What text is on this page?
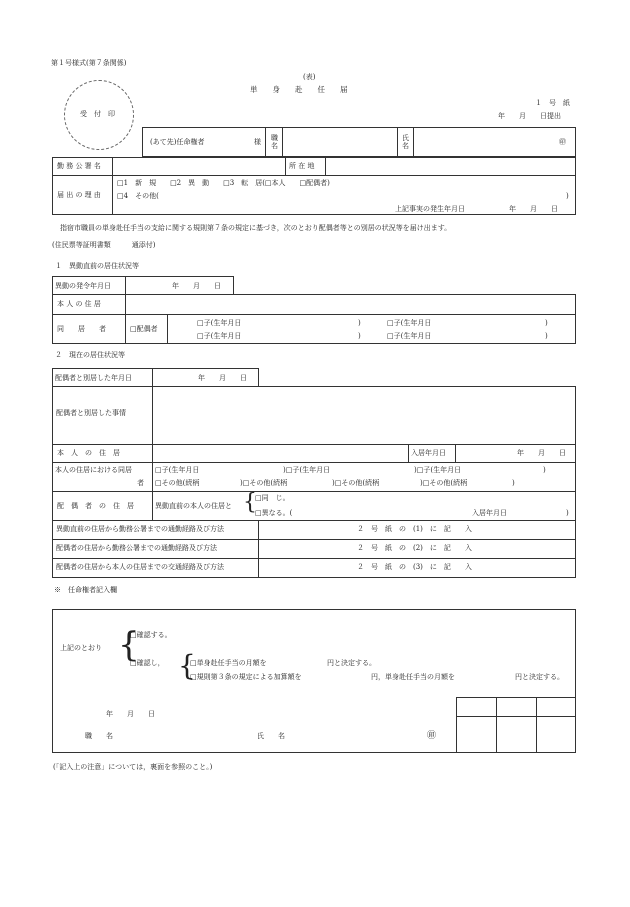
第１号様式(第７条関係)
(表)
単　　身　　赴　　任　　届
受　付　印
１　号　紙
年　　月　　日提出
(あて先)任命権者	様 職
名
氏
名
㊞
勤 務 公 署 名	所 在 地
届 出 の 理 由
□1　新　規　　□2　異　動　　□3　転　居(□本人　　□配偶者)
□4　その他(	)
上記事実の発生年月日	年　　月　　日
指宿市職員の単身赴任手当の支給に関する規則第７条の規定に基づき，次のとおり配偶者等との別居の状況等を届け出ます。
(住民票等証明書類　　　通添付)
１　異動直前の居住状況等
異動の発令年月日	年　　月　　日
本 人 の 住 居
同　　居　　者	□配偶者
□子(生年月日	)	□子(生年月日	)
□子(生年月日	)	□子(生年月日	)
２　現在の居住状況等
配偶者と別居した年月日	年　　月　　日
配偶者と別居した事情
本　人　の　住　居	入居年月日	年　　月　　日
本人の住居における同居
者
□子(生年月日	)□子(生年月日	)□子(生年月日	)
□その他(続柄	)□その他(続柄	)□その他(続柄	)□その他(続柄	)
配　偶　者　の　住　居	異動直前の本人の住居と {
□同　じ。
□異なる。(	入居年月日	)
異動直前の住居から勤務公署までの通勤経路及び方法	２　号　紙　の　(1)　に　記　　入
配偶者の住居から勤務公署までの通勤経路及び方法	２　号　紙　の　(2)　に　記　　入
配偶者の住居から本人の住居までの交通経路及び方法	２　号　紙　の　(3)　に　記　　入
※　任命権者記入欄
上記のとおり {
□確認する。
□確認し， {
□単身赴任手当の月額を	円と決定する。
□規則第３条の規定による加算額を	円，単身赴任手当の月額を	円と決定する。
年　　月　　日
職　　名	氏　　名	㊞
(「記入上の注意」については，裏面を参照のこと。)
